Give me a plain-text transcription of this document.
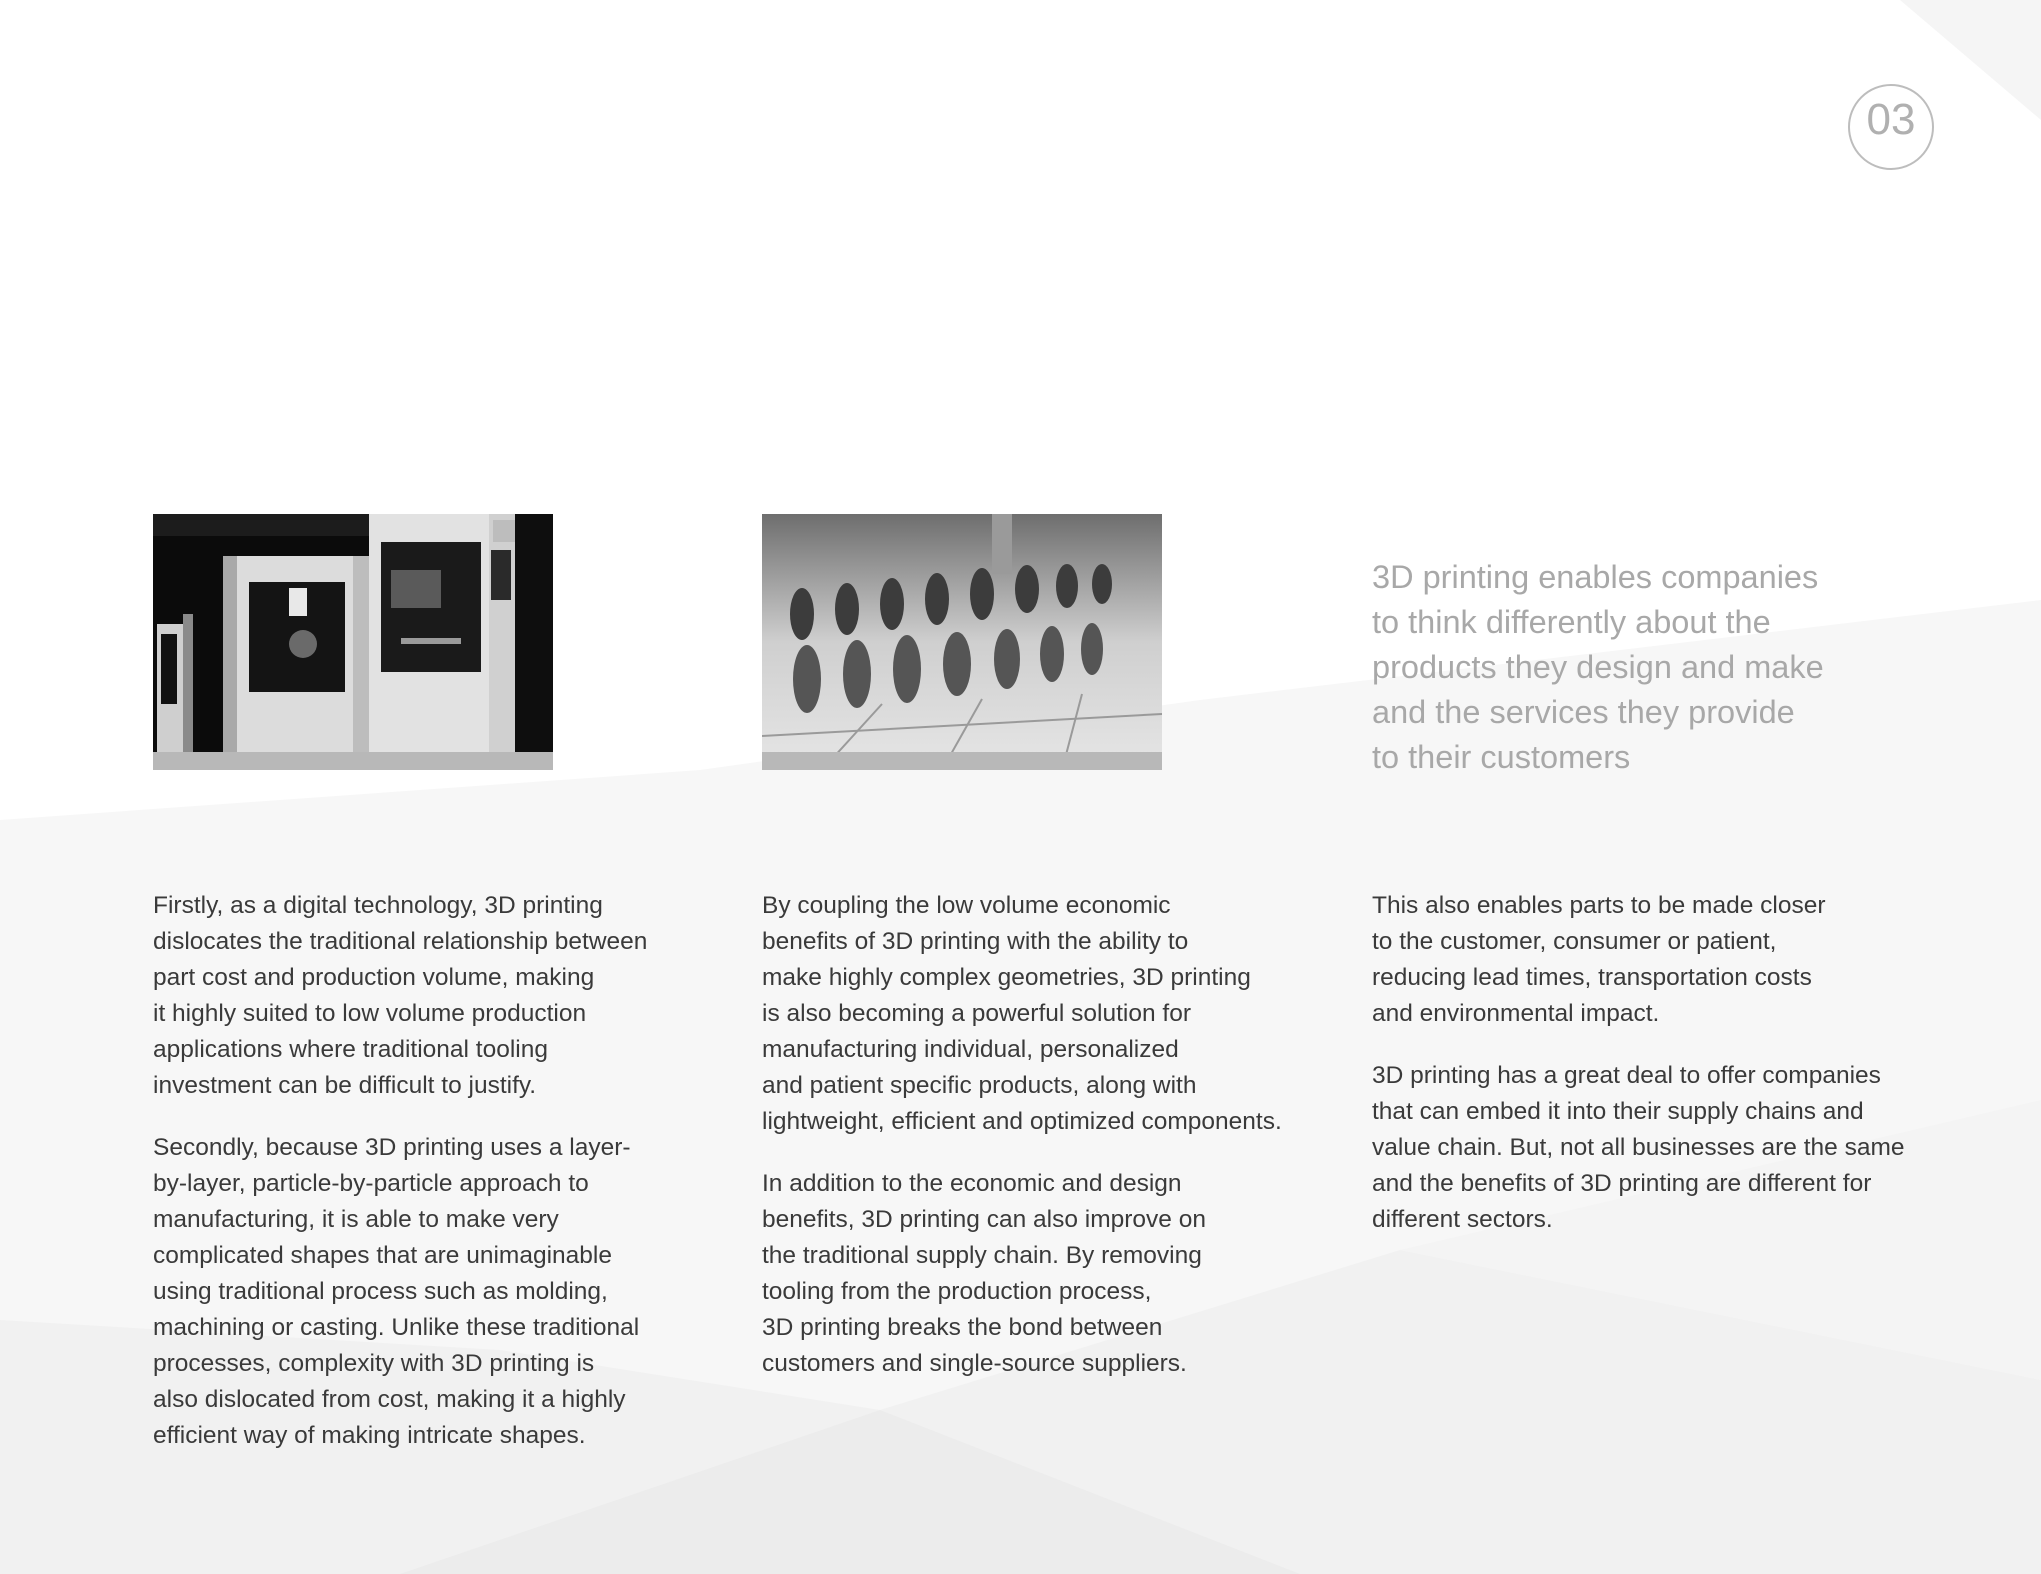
03
3D printing enables companies
to think differently about the
products they design and make
and the services they provide
to their customers

Firstly, as a digital technology, 3D printing
dislocates the traditional relationship between
part cost and production volume, making
it highly suited to low volume production
applications where traditional tooling
investment can be difficult to justify.

Secondly, because 3D printing uses a layer-
by-layer, particle-by-particle approach to
manufacturing, it is able to make very
complicated shapes that are unimaginable
using traditional process such as molding,
machining or casting. Unlike these traditional
processes, complexity with 3D printing is
also dislocated from cost, making it a highly
efficient way of making intricate shapes.

By coupling the low volume economic
benefits of 3D printing with the ability to
make highly complex geometries, 3D printing
is also becoming a powerful solution for
manufacturing individual, personalized
and patient specific products, along with
lightweight, efficient and optimized components.

In addition to the economic and design
benefits, 3D printing can also improve on
the traditional supply chain. By removing
tooling from the production process,
3D printing breaks the bond between
customers and single-source suppliers.

This also enables parts to be made closer
to the customer, consumer or patient,
reducing lead times, transportation costs
and environmental impact.

3D printing has a great deal to offer companies
that can embed it into their supply chains and
value chain. But, not all businesses are the same
and the benefits of 3D printing are different for
different sectors.
